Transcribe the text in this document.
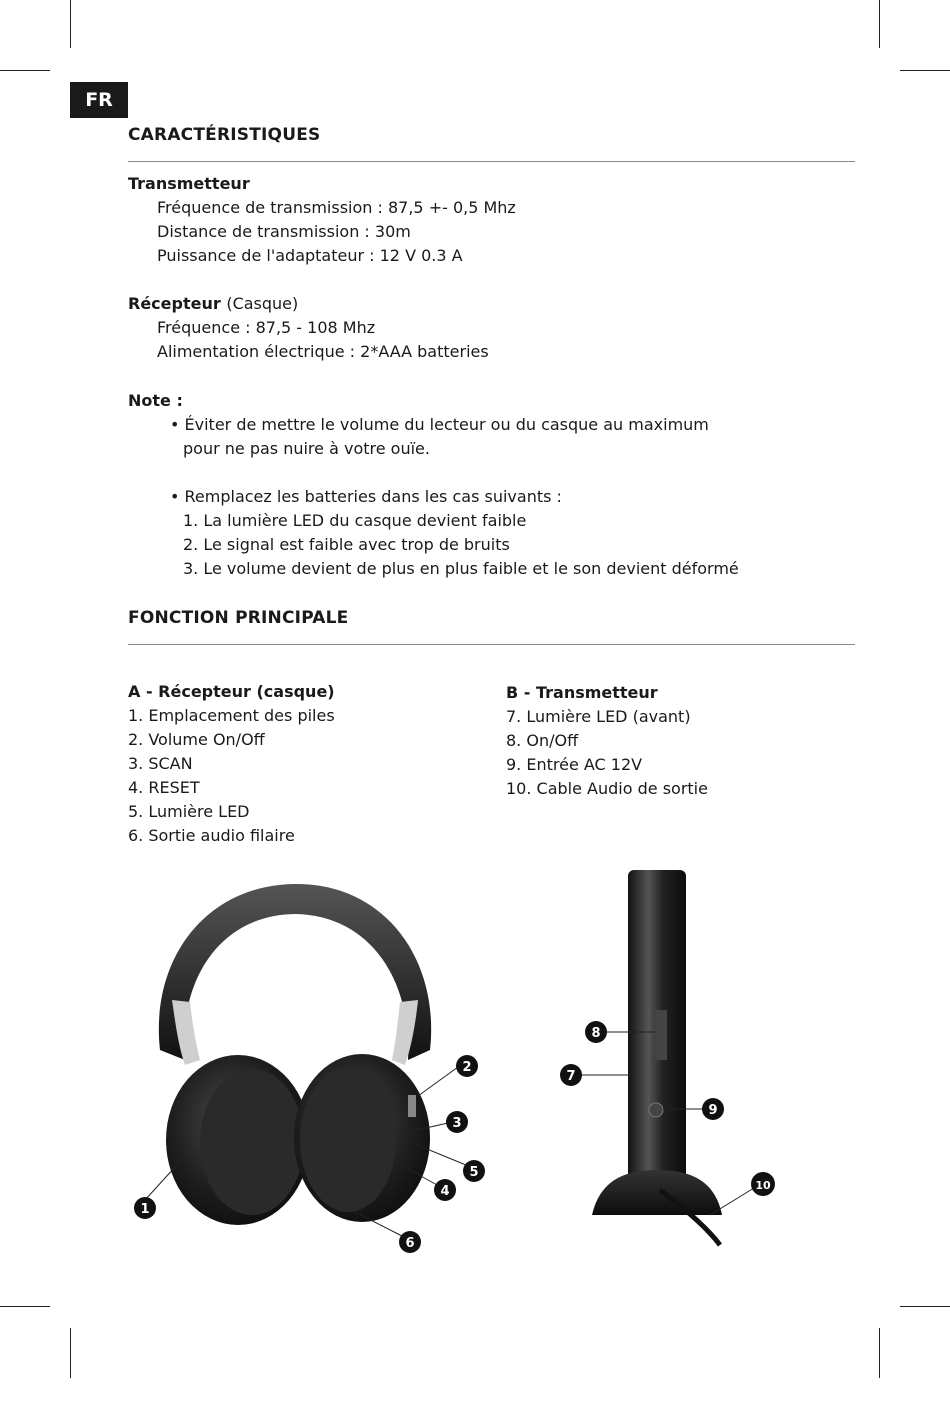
FR
CARACTÉRISTIQUES
Transmetteur
Fréquence de transmission : 87,5 +- 0,5 Mhz
Distance de transmission : 30m
Puissance de l'adaptateur : 12 V 0.3 A
Récepteur (Casque)
Fréquence : 87,5 - 108 Mhz
Alimentation électrique : 2*AAA batteries
Note :
• Éviter de mettre le volume du lecteur ou du casque au maximum
pour ne pas nuire à votre ouïe.
• Remplacez les batteries dans les cas suivants :
1. La lumière LED du casque devient faible
2. Le signal est faible avec trop de bruits
3. Le volume devient de plus en plus faible et le son devient déformé
FONCTION PRINCIPALE
A - Récepteur (casque)
1. Emplacement des piles
2. Volume On/Off
3. SCAN
4. RESET
5. Lumière LED
6. Sortie audio filaire
B - Transmetteur
7. Lumière LED (avant)
8. On/Off
9. Entrée AC 12V
10. Cable Audio de sortie
1
2
3
4
5
6
7
8
9
10
